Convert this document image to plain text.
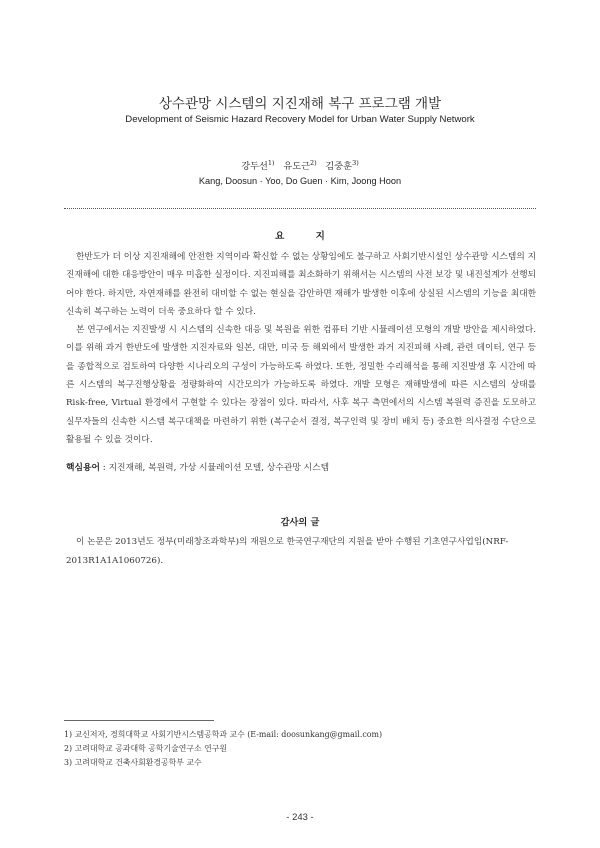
상수관망 시스템의 지진재해 복구 프로그램 개발
Development of Seismic Hazard Recovery Model for Urban Water Supply Network
강두선$^{1)}$ 유도근$^{2)}$ 김중훈$^{3)}$
Kang, Doosun · Yoo, Do Guen · Kim, Joong Hoon
요 지

한반도가 더 이상 지진재해에 안전한 지역이라 확신할 수 없는 상황임에도 불구하고 사회기반시설인 상수관망 시스템의 지진재해에 대한 대응방안이 매우 미흡한 실정이다. 지진피해를 최소화하기 위해서는 시스템의 사전 보강 및 내진설계가 선행되어야 한다. 하지만, 자연재해를 완전히 대비할 수 없는 현실을 감안하면 재해가 발생한 이후에 상실된 시스템의 기능을 최대한 신속히 복구하는 노력이 더욱 중요하다 할 수 있다.

본 연구에서는 지진발생 시 시스템의 신속한 대응 및 복원을 위한 컴퓨터 기반 시뮬레이션 모형의 개발 방안을 제시하였다. 이를 위해 과거 한반도에 발생한 지진자료와 일본, 대만, 미국 등 해외에서 발생한 과거 지진피해 사례, 관련 데이터, 연구 등을 종합적으로 검토하여 다양한 시나리오의 구성이 가능하도록 하였다. 또한, 정밀한 수리해석을 통해 지진발생 후 시간에 따른 시스템의 복구진행상황을 정량화하여 시간모의가 가능하도록 하였다. 개발 모형은 재해발생에 따른 시스템의 상태를 Risk-free, Virtual 환경에서 구현할 수 있다는 장점이 있다. 따라서, 사후 복구 측면에서의 시스템 복원력 증진을 도모하고 실무자들의 신속한 시스템 복구대책을 마련하기 위한 (복구순서 결정, 복구인력 및 장비 배치 등) 중요한 의사결정 수단으로 활용될 수 있을 것이다.

핵심용어 : 지진재해, 복원력, 가상 시뮬레이션 모델, 상수관망 시스템
감사의 글

이 논문은 2013년도 정부(미래창조과학부)의 재원으로 한국연구재단의 지원을 받아 수행된 기초연구사업임(NRF-2013R1A1A1060726).

1) 교신저자, 경희대학교 사회기반시스템공학과 교수 (E-mail: doosunkang@gmail.com)
2) 고려대학교 공과대학 공학기술연구소 연구원
3) 고려대학교 건축사회환경공학부 교수
- 243 -
